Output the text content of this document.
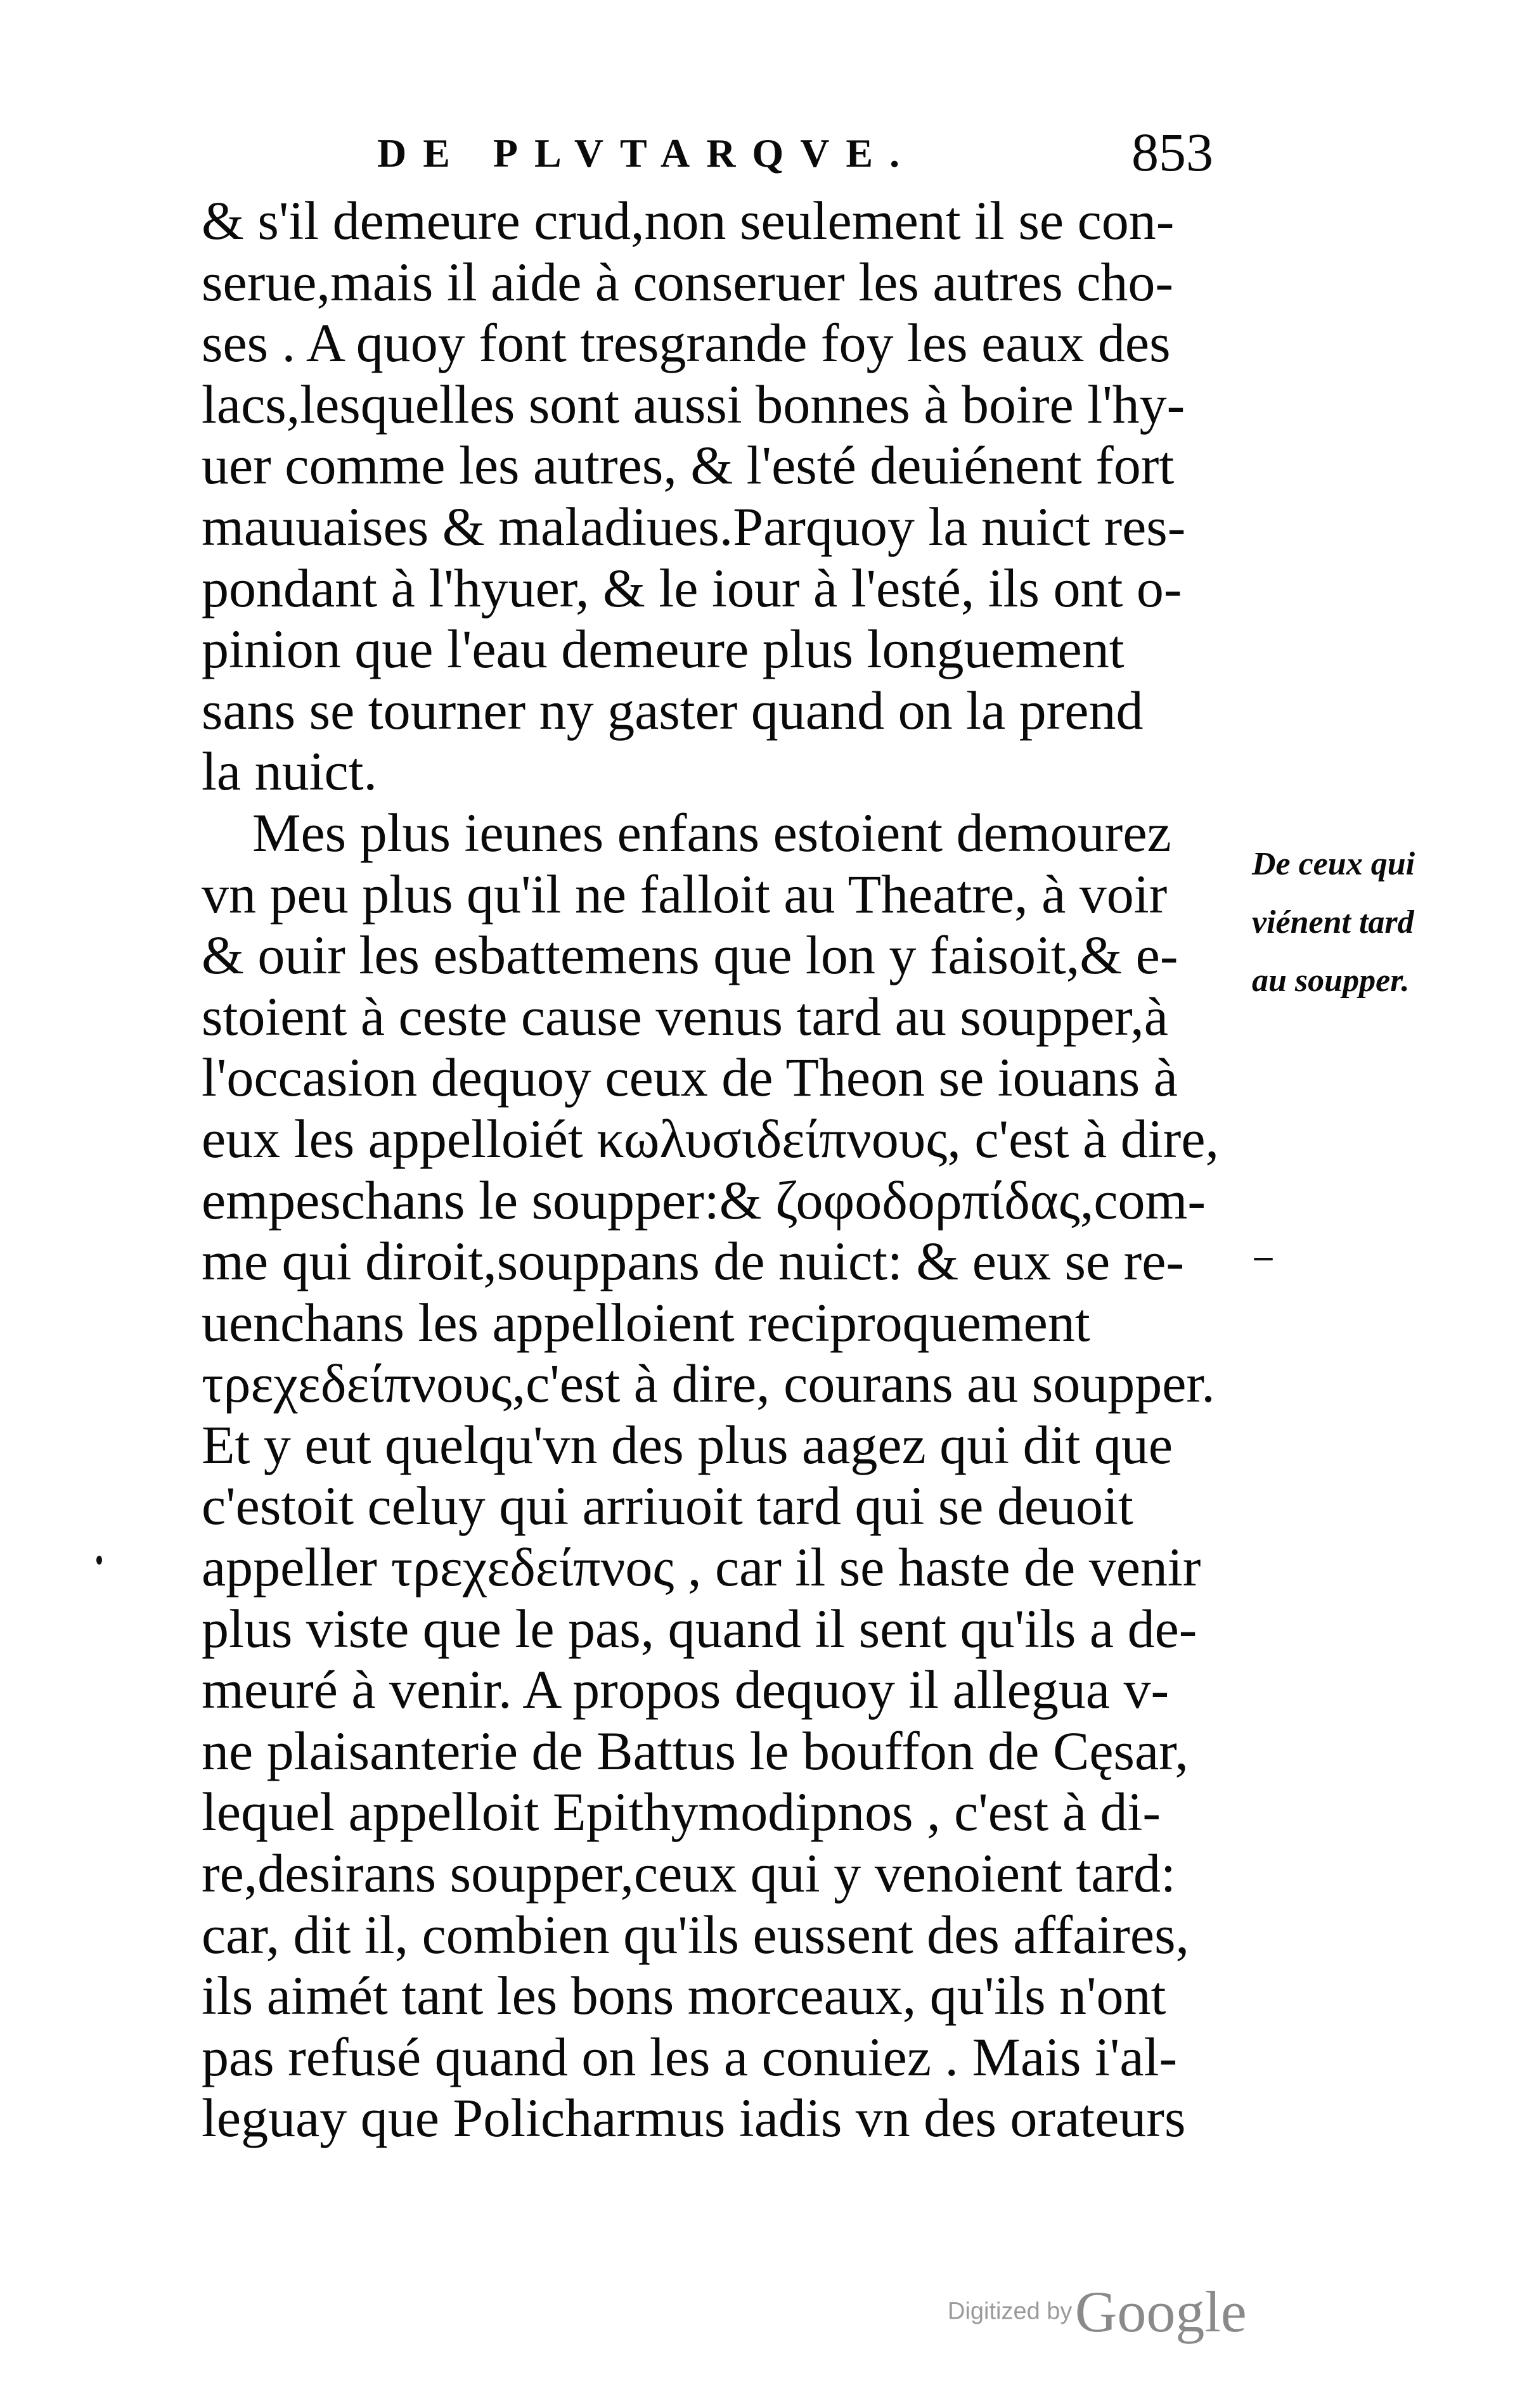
DE PLVTARQVE.	853
& s'il demeure crud,non seulement il se con-
serue,mais il aide à conseruer les autres cho-
ses . A quoy font tresgrande foy les eaux des
lacs,lesquelles sont aussi bonnes à boire l'hy-
uer comme les autres, & l'esté deuiénent fort
mauuaises & maladiues.Parquoy la nuict res-
pondant à l'hyuer, & le iour à l'esté, ils ont o-
pinion que l'eau demeure plus longuement
sans se tourner ny gaster quand on la prend
la nuict.
Mes plus ieunes enfans estoient demourez
vn peu plus qu'il ne falloit au Theatre, à voir
& ouir les esbattemens que lon y faisoit,& e-
stoient à ceste cause venus tard au soupper,à
l'occasion dequoy ceux de Theon se iouans à
eux les appelloiét κωλυσιδείπνους, c'est à dire,
empeschans le soupper:& ζοφοδορπίδας,com-
me qui diroit,souppans de nuict: & eux se re-
uenchans les appelloient reciproquement
τρεχεδείπνους,c'est à dire, courans au soupper.
Et y eut quelqu'vn des plus aagez qui dit que
c'estoit celuy qui arriuoit tard qui se deuoit
appeller τρεχεδείπνος , car il se haste de venir
plus viste que le pas, quand il sent qu'ils a de-
meuré à venir. A propos dequoy il allegua v-
ne plaisanterie de Battus le bouffon de Cęsar,
lequel appelloit Epithymodipnos , c'est à di-
re,desirans soupper,ceux qui y venoient tard:
car, dit il, combien qu'ils eussent des affaires,
ils aimét tant les bons morceaux, qu'ils n'ont
pas refusé quand on les a conuiez . Mais i'al-
leguay que Policharmus iadis vn des orateurs
De ceux qui
viénent tard
au soupper.
Digitized by Google
